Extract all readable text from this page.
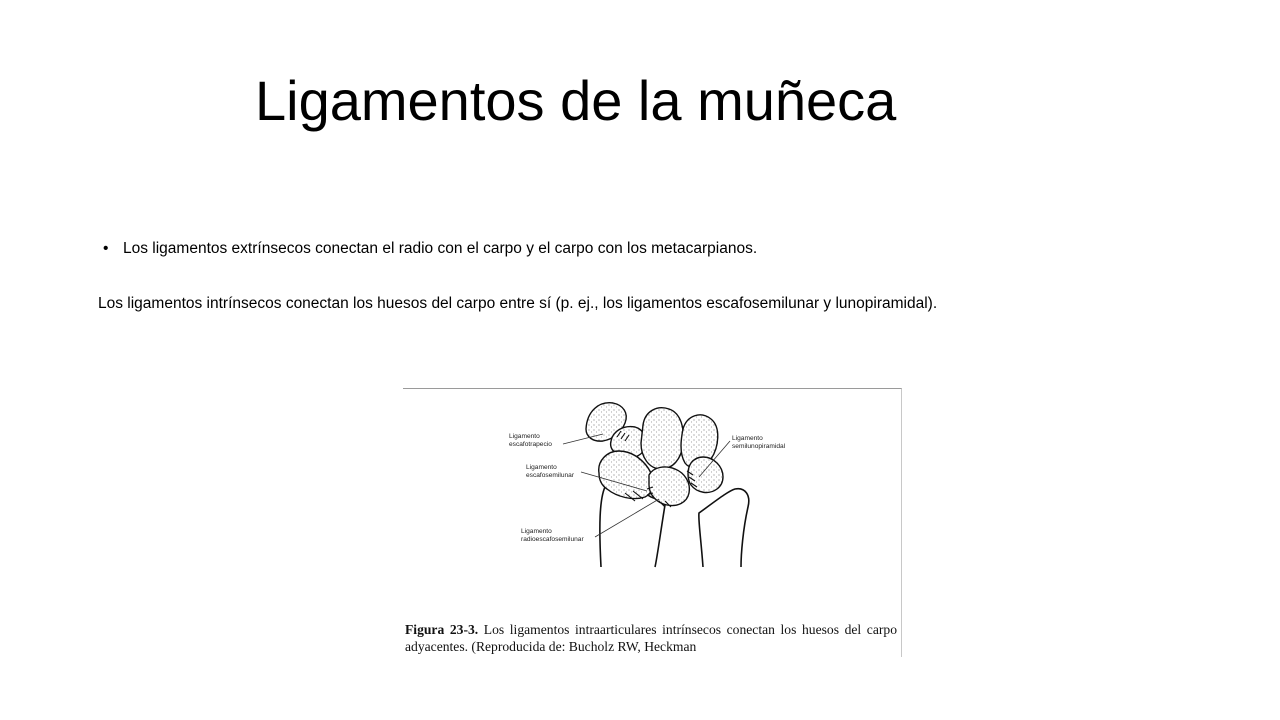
Ligamentos de la muñeca
• Los ligamentos extrínsecos conectan el radio con el carpo y el carpo con los metacarpianos.
Los ligamentos intrínsecos conectan los huesos del carpo entre sí (p. ej., los ligamentos escafosemilunar y lunopiramidal).
Ligamento
escafotrapecio
Ligamento
semilunopiramidal
Ligamento
escafosemilunar
Ligamento
radioescafosemilunar
Figura 23-3. Los ligamentos intraarticulares intrínsecos conectan los huesos del carpo adyacentes. (Reproducida de: Bucholz RW, Heckman
